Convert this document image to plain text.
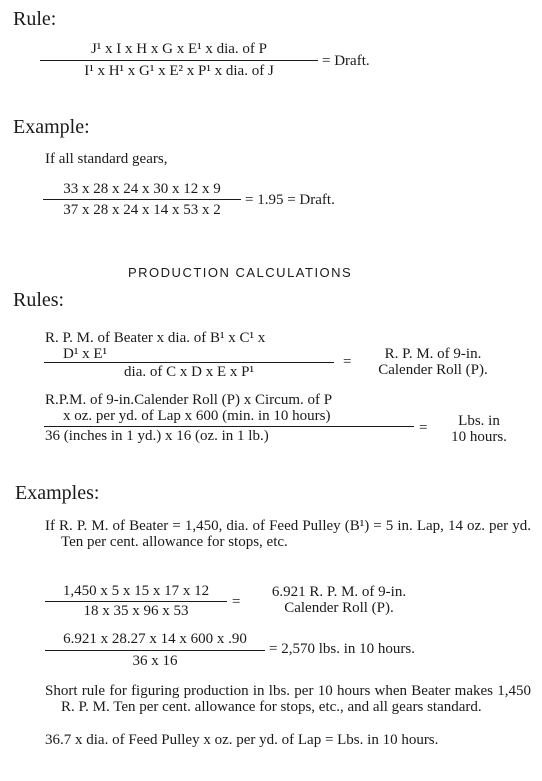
Rule:
J¹ x I x H x G x E¹ x dia. of P
I¹ x H¹ x G¹ x E² x P¹ x dia. of J
= Draft.
Example:
If all standard gears,
33 x 28 x 24 x 30 x 12 x 9
37 x 28 x 24 x 14 x 53 x 2
= 1.95 = Draft.
PRODUCTION CALCULATIONS
Rules:
R. P. M. of Beater x dia. of B¹ x C¹ x
D¹ x E¹
dia. of C x D x E x P¹
=	R. P. M. of 9-in.
Calender Roll (P).
R.P.M. of 9-in.Calender Roll (P) x Circum. of P
x oz. per yd. of Lap x 600 (min. in 10 hours)
36 (inches in 1 yd.) x 16 (oz. in 1 lb.)	=	Lbs. in
10 hours.
Examples:
If R. P. M. of Beater = 1,450, dia. of Feed Pulley (B¹) = 5 in. Lap, 14 oz. per yd. Ten per cent. allowance for stops, etc.
1,450 x 5 x 15 x 17 x 12
18 x 35 x 96 x 53
=
6.921 R. P. M. of 9-in.
Calender Roll (P).
6.921 x 28.27 x 14 x 600 x .90
36 x 16
= 2,570 lbs. in 10 hours.
Short rule for figuring production in lbs. per 10 hours when Beater makes 1,450 R. P. M. Ten per cent. allowance for stops, etc., and all gears standard.
36.7 x dia. of Feed Pulley x oz. per yd. of Lap = Lbs. in 10 hours.
